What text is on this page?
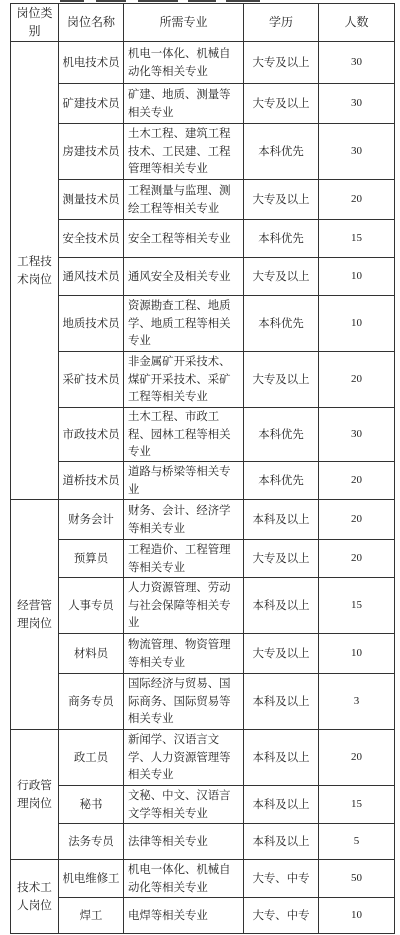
岗位类别	岗位名称	所需专业	学历	人数
工程技术岗位	机电技术员	机电一体化、机械自动化等相关专业	大专及以上	30
	矿建技术员	矿建、地质、测量等相关专业	大专及以上	30
	房建技术员	土木工程、建筑工程技术、工民建、工程管理等相关专业	本科优先	30
	测量技术员	工程测量与监理、测绘工程等相关专业	大专及以上	20
	安全技术员	安全工程等相关专业	本科优先	15
	通风技术员	通风安全及相关专业	大专及以上	10
	地质技术员	资源勘查工程、地质学、地质工程等相关专业	本科优先	10
	采矿技术员	非金属矿开采技术、煤矿开采技术、采矿工程等相关专业	大专及以上	20
	市政技术员	土木工程、市政工程、园林工程等相关专业	本科优先	30
	道桥技术员	道路与桥梁等相关专业	本科优先	20
经营管理岗位	财务会计	财务、会计、经济学等相关专业	本科及以上	20
	预算员	工程造价、工程管理等相关专业	大专及以上	20
	人事专员	人力资源管理、劳动与社会保障等相关专业	本科及以上	15
	材料员	物流管理、物资管理等相关专业	大专及以上	10
	商务专员	国际经济与贸易、国际商务、国际贸易等相关专业	本科及以上	3
行政管理岗位	政工员	新闻学、汉语言文学、人力资源管理等相关专业	本科及以上	20
	秘书	文秘、中文、汉语言文学等相关专业	本科及以上	15
	法务专员	法律等相关专业	本科及以上	5
技术工人岗位	机电维修工	机电一体化、机械自动化等相关专业	大专、中专	50
	焊工	电焊等相关专业	大专、中专	10
